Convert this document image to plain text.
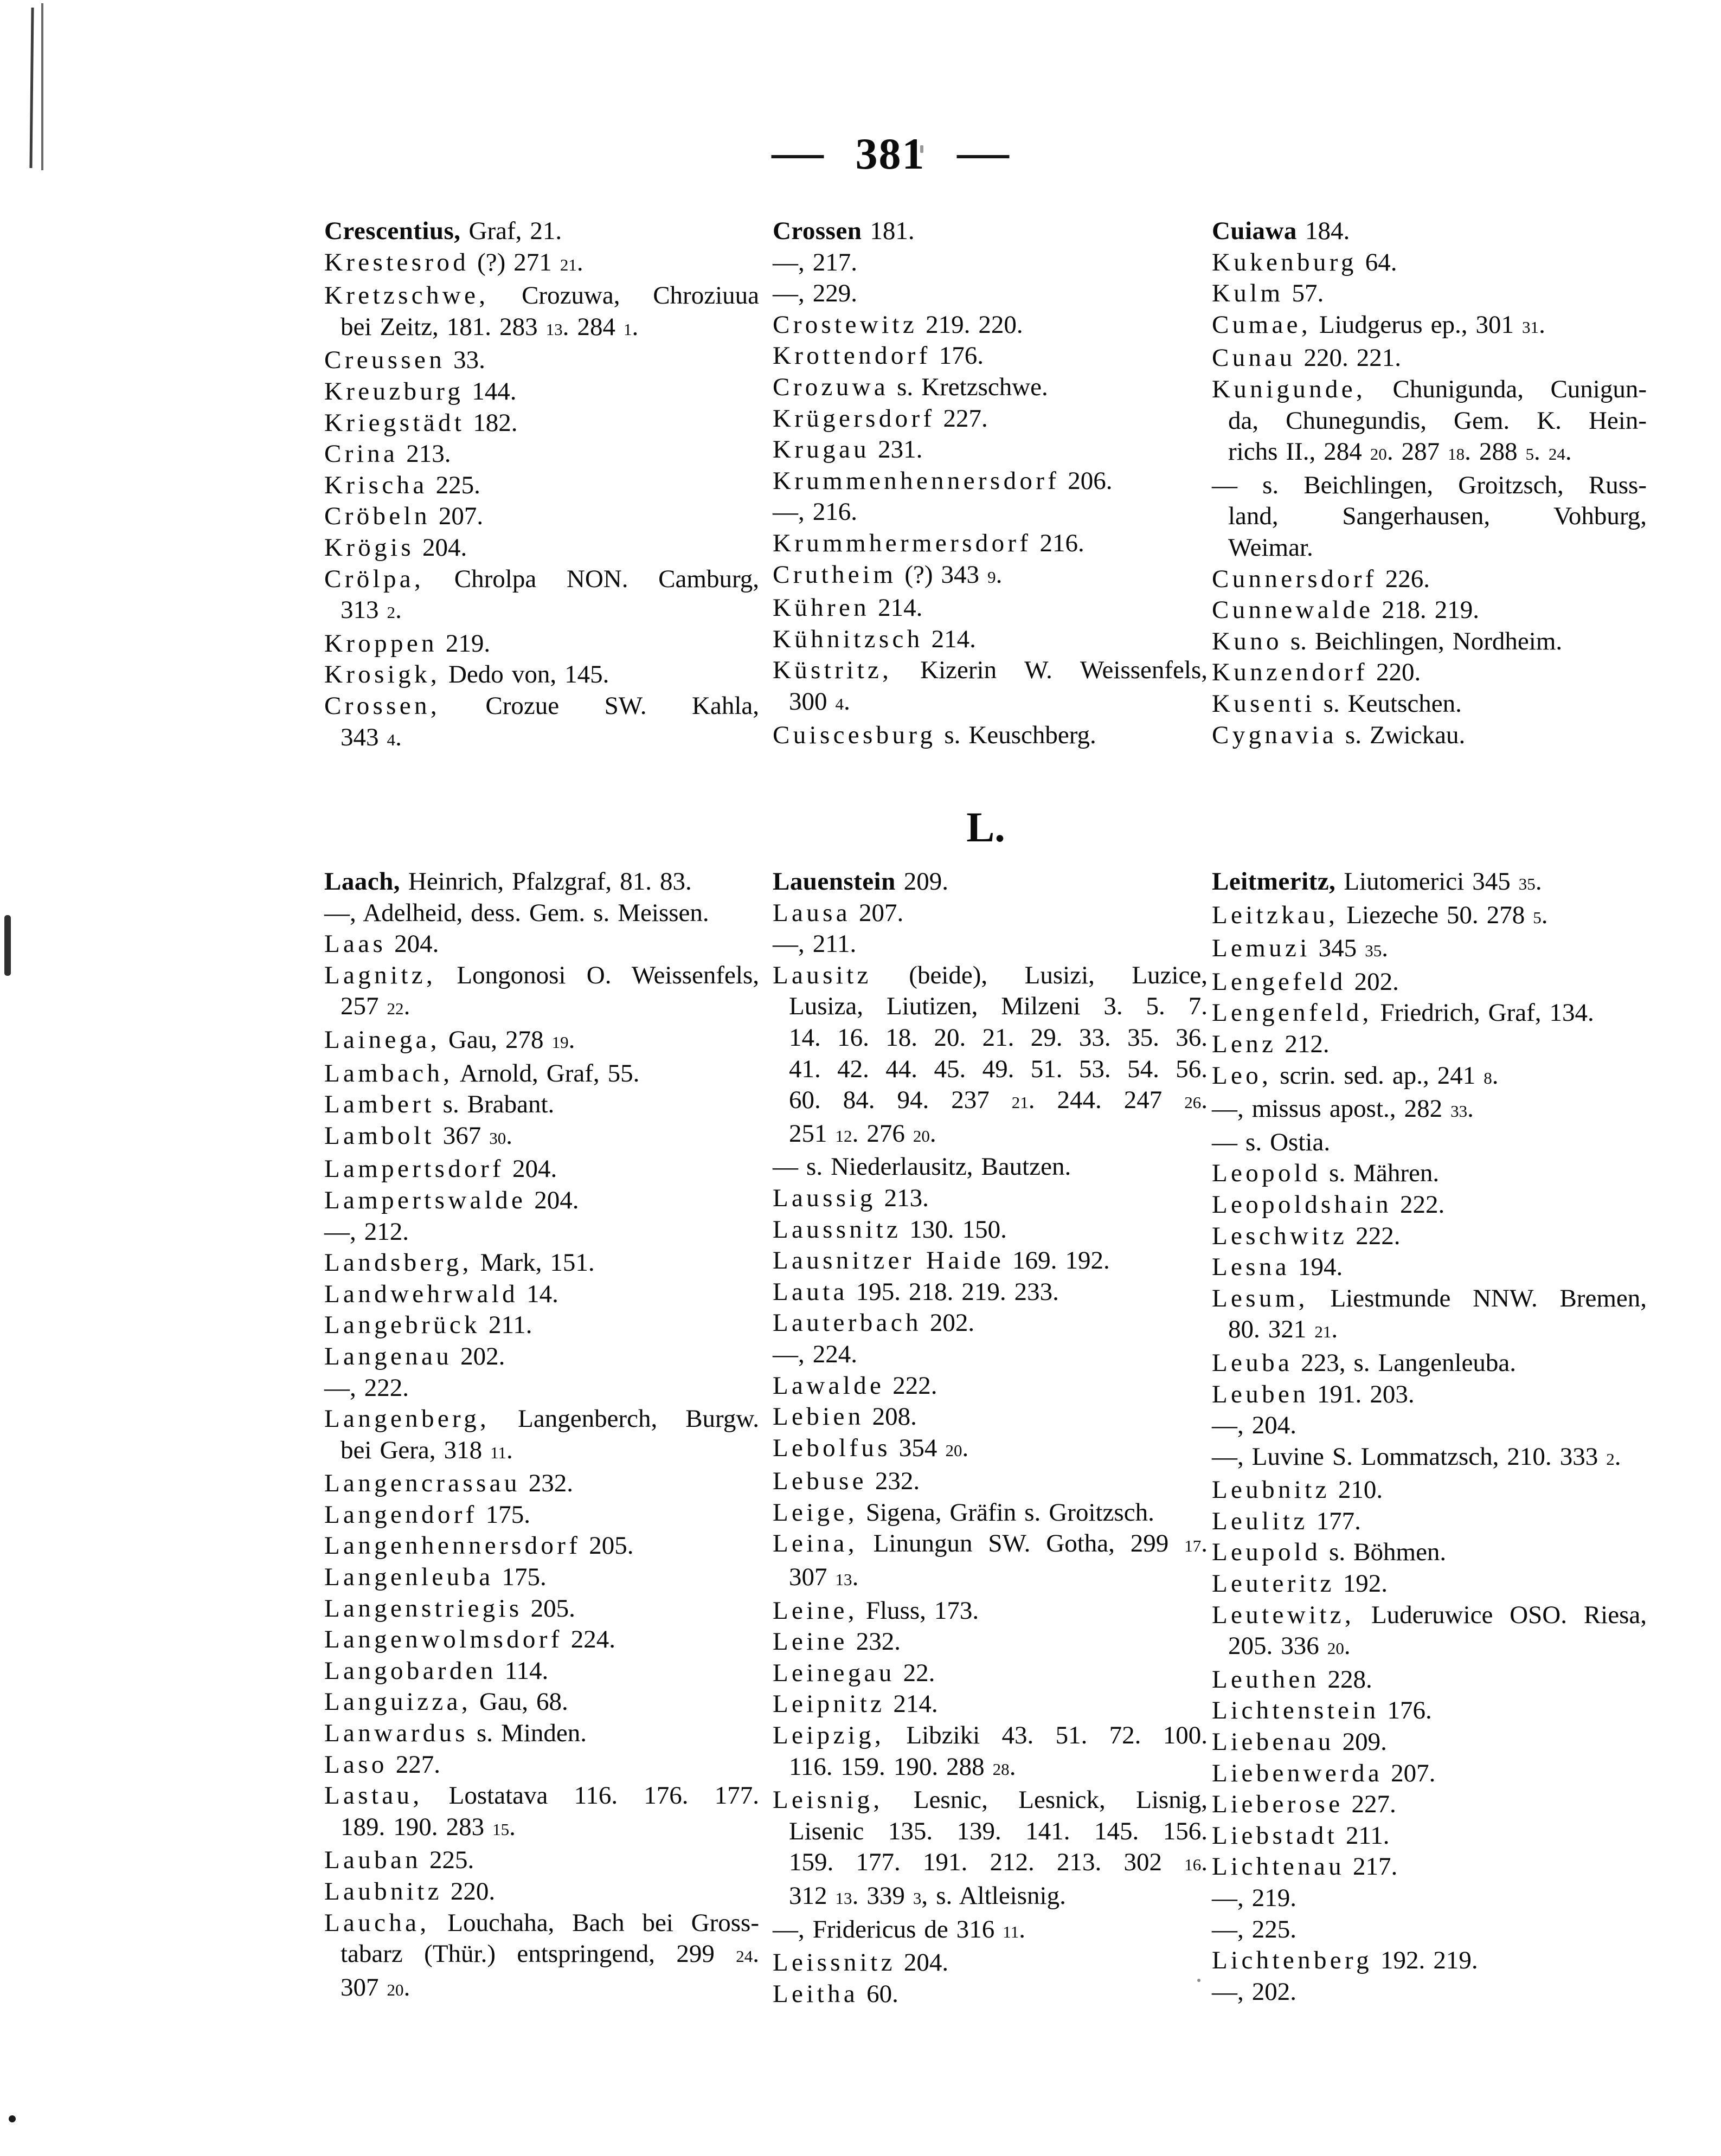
381
Crescentius, Graf, 21.
Krestesrod (?) 271 21.
Kretzschwe, Crozuwa, Chroziuua
bei Zeitz, 181. 283 13. 284 1.
Creussen 33.
Kreuzburg 144.
Kriegstädt 182.
Crina 213.
Krischa 225.
Cröbeln 207.
Krögis 204.
Crölpa, Chrolpa NON. Camburg,
313 2.
Kroppen 219.
Krosigk, Dedo von, 145.
Crossen, Crozue SW. Kahla,
343 4.
Crossen 181.
—, 217.
—, 229.
Crostewitz 219. 220.
Krottendorf 176.
Crozuwa s. Kretzschwe.
Krügersdorf 227.
Krugau 231.
Krummenhennersdorf 206.
—, 216.
Krummhermersdorf 216.
Crutheim (?) 343 9.
Kühren 214.
Kühnitzsch 214.
Küstritz, Kizerin W. Weissenfels,
300 4.
Cuiscesburg s. Keuschberg.
Cuiawa 184.
Kukenburg 64.
Kulm 57.
Cumae, Liudgerus ep., 301 31.
Cunau 220. 221.
Kunigunde, Chunigunda, Cunigun-
da, Chunegundis, Gem. K. Hein-
richs II., 284 20. 287 18. 288 5. 24.
— s. Beichlingen, Groitzsch, Russ-
land, Sangerhausen, Vohburg,
Weimar.
Cunnersdorf 226.
Cunnewalde 218. 219.
Kuno s. Beichlingen, Nordheim.
Kunzendorf 220.
Kusenti s. Keutschen.
Cygnavia s. Zwickau.
L.
Laach, Heinrich, Pfalzgraf, 81. 83.
—, Adelheid, dess. Gem. s. Meissen.
Laas 204.
Lagnitz, Longonosi O. Weissenfels,
257 22.
Lainega, Gau, 278 19.
Lambach, Arnold, Graf, 55.
Lambert s. Brabant.
Lambolt 367 30.
Lampertsdorf 204.
Lampertswalde 204.
—, 212.
Landsberg, Mark, 151.
Landwehrwald 14.
Langebrück 211.
Langenau 202.
—, 222.
Langenberg, Langenberch, Burgw.
bei Gera, 318 11.
Langencrassau 232.
Langendorf 175.
Langenhennersdorf 205.
Langenleuba 175.
Langenstriegis 205.
Langenwolmsdorf 224.
Langobarden 114.
Languizza, Gau, 68.
Lanwardus s. Minden.
Laso 227.
Lastau, Lostatava 116. 176. 177.
189. 190. 283 15.
Lauban 225.
Laubnitz 220.
Laucha, Louchaha, Bach bei Gross-
tabarz (Thür.) entspringend, 299 24.
307 20.
Lauenstein 209.
Lausa 207.
—, 211.
Lausitz (beide), Lusizi, Luzice,
Lusiza, Liutizen, Milzeni 3. 5. 7.
14. 16. 18. 20. 21. 29. 33. 35. 36.
41. 42. 44. 45. 49. 51. 53. 54. 56.
60. 84. 94. 237 21. 244. 247 26.
251 12. 276 20.
— s. Niederlausitz, Bautzen.
Laussig 213.
Laussnitz 130. 150.
Lausnitzer Haide 169. 192.
Lauta 195. 218. 219. 233.
Lauterbach 202.
—, 224.
Lawalde 222.
Lebien 208.
Lebolfus 354 20.
Lebuse 232.
Leige, Sigena, Gräfin s. Groitzsch.
Leina, Linungun SW. Gotha, 299 17.
307 13.
Leine, Fluss, 173.
Leine 232.
Leinegau 22.
Leipnitz 214.
Leipzig, Libziki 43. 51. 72. 100.
116. 159. 190. 288 28.
Leisnig, Lesnic, Lesnick, Lisnig,
Lisenic 135. 139. 141. 145. 156.
159. 177. 191. 212. 213. 302 16.
312 13. 339 3, s. Altleisnig.
—, Fridericus de 316 11.
Leissnitz 204.
Leitha 60.
Leitmeritz, Liutomerici 345 35.
Leitzkau, Liezeche 50. 278 5.
Lemuzi 345 35.
Lengefeld 202.
Lengenfeld, Friedrich, Graf, 134.
Lenz 212.
Leo, scrin. sed. ap., 241 8.
—, missus apost., 282 33.
— s. Ostia.
Leopold s. Mähren.
Leopoldshain 222.
Leschwitz 222.
Lesna 194.
Lesum, Liestmunde NNW. Bremen,
80. 321 21.
Leuba 223, s. Langenleuba.
Leuben 191. 203.
—, 204.
—, Luvine S. Lommatzsch, 210. 333 2.
Leubnitz 210.
Leulitz 177.
Leupold s. Böhmen.
Leuteritz 192.
Leutewitz, Luderuwice OSO. Riesa,
205. 336 20.
Leuthen 228.
Lichtenstein 176.
Liebenau 209.
Liebenwerda 207.
Lieberose 227.
Liebstadt 211.
Lichtenau 217.
—, 219.
—, 225.
Lichtenberg 192. 219.
—, 202.
